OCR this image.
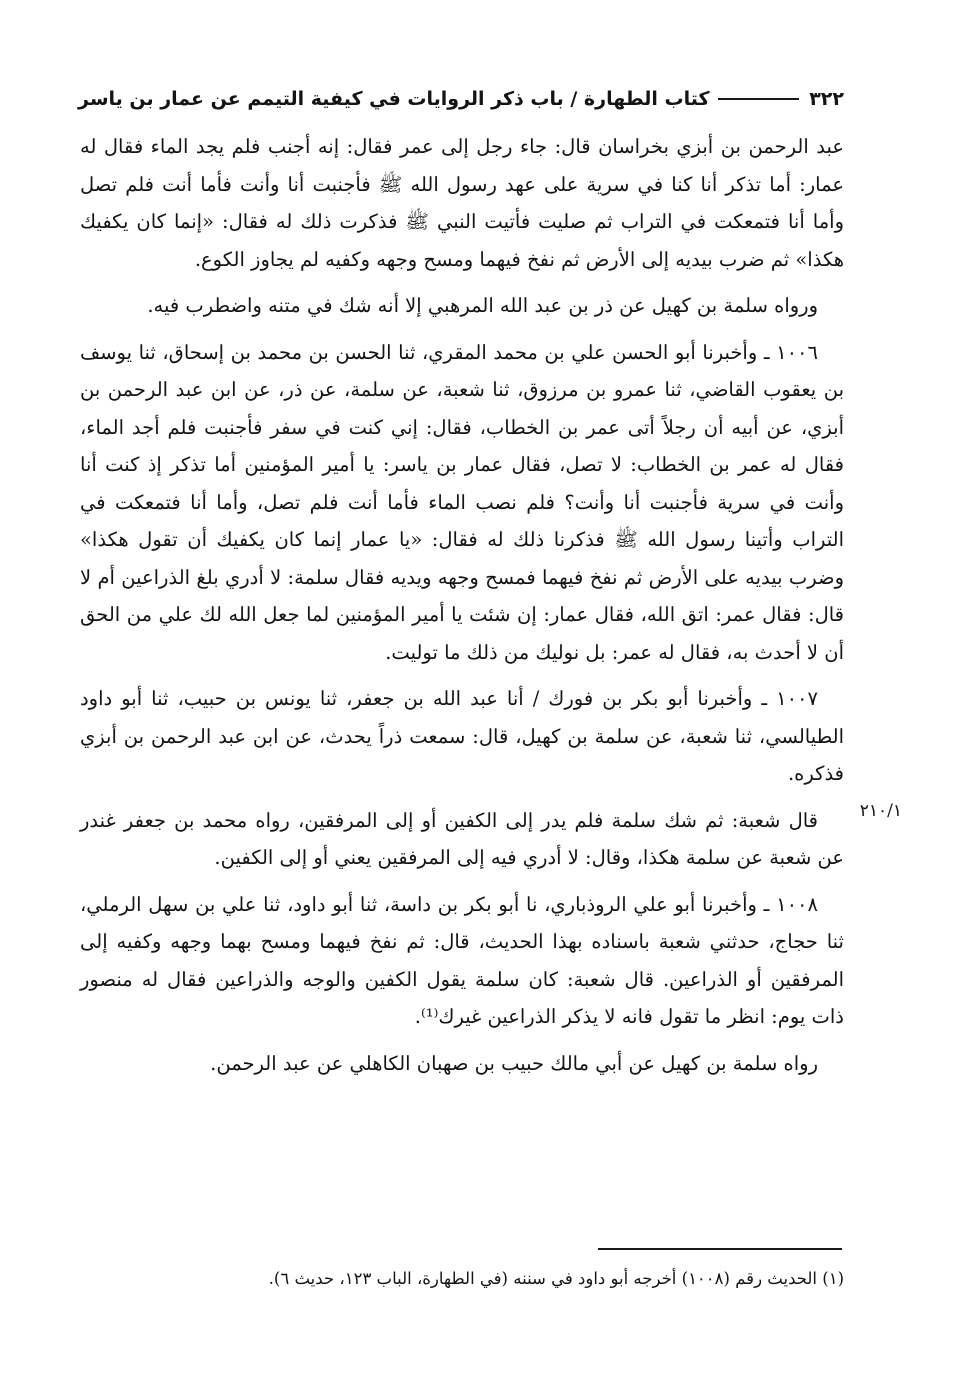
٣٢٢
كتاب الطهارة / باب ذكر الروايات في كيفية التيمم عن عمار بن ياسر

عبد الرحمن بن أبزي بخراسان قال: جاء رجل إلى عمر فقال: إنه أجنب فلم يجد الماء فقال له عمار: أما تذكر أنا كنا في سرية على عهد رسول الله ﷺ فأجنبت أنا وأنت فأما أنت فلم تصل وأما أنا فتمعكت في التراب ثم صليت فأتيت النبي ﷺ فذكرت ذلك له فقال: «إنما كان يكفيك هكذا» ثم ضرب بيديه إلى الأرض ثم نفخ فيهما ومسح وجهه وكفيه لم يجاوز الكوع.

ورواه سلمة بن كهيل عن ذر بن عبد الله المرهبي إلا أنه شك في متنه واضطرب فيه.

١٠٠٦ ـ وأخبرنا أبو الحسن علي بن محمد المقري، ثنا الحسن بن محمد بن إسحاق، ثنا يوسف بن يعقوب القاضي، ثنا عمرو بن مرزوق، ثنا شعبة، عن سلمة، عن ذر، عن ابن عبد الرحمن بن أبزي، عن أبيه أن رجلاً أتى عمر بن الخطاب، فقال: إني كنت في سفر فأجنبت فلم أجد الماء، فقال له عمر بن الخطاب: لا تصل، فقال عمار بن ياسر: يا أمير المؤمنين أما تذكر إذ كنت أنا وأنت في سرية فأجنبت أنا وأنت؟ فلم نصب الماء فأما أنت فلم تصل، وأما أنا فتمعكت في التراب وأتينا رسول الله ﷺ فذكرنا ذلك له فقال: «يا عمار إنما كان يكفيك أن تقول هكذا» وضرب بيديه على الأرض ثم نفخ فيهما فمسح وجهه ويديه فقال سلمة: لا أدري بلغ الذراعين أم لا قال: فقال عمر: اتق الله، فقال عمار: إن شئت يا أمير المؤمنين لما جعل الله لك علي من الحق أن لا أحدث به، فقال له عمر: بل نوليك من ذلك ما توليت.

١٠٠٧ ـ وأخبرنا أبو بكر بن فورك / أنا عبد الله بن جعفر، ثنا يونس بن حبيب، ثنا أبو داود الطيالسي، ثنا شعبة، عن سلمة بن كهيل، قال: سمعت ذراً يحدث، عن ابن عبد الرحمن بن أبزي فذكره.

قال شعبة: ثم شك سلمة فلم يدر إلى الكفين أو إلى المرفقين، رواه محمد بن جعفر غندر عن شعبة عن سلمة هكذا، وقال: لا أدري فيه إلى المرفقين يعني أو إلى الكفين.

١٠٠٨ ـ وأخبرنا أبو علي الروذباري، نا أبو بكر بن داسة، ثنا أبو داود، ثنا علي بن سهل الرملي، ثنا حجاج، حدثني شعبة باسناده بهذا الحديث، قال: ثم نفخ فيهما ومسح بهما وجهه وكفيه إلى المرفقين أو الذراعين. قال شعبة: كان سلمة يقول الكفين والوجه والذراعين فقال له منصور ذات يوم: انظر ما تقول فانه لا يذكر الذراعين غيرك⁽¹⁾.

رواه سلمة بن كهيل عن أبي مالك حبيب بن صهبان الكاهلي عن عبد الرحمن.

٢١٠/١
(١) الحديث رقم (١٠٠٨) أخرجه أبو داود في سننه (في الطهارة، الباب ١٢٣، حديث ٦).
